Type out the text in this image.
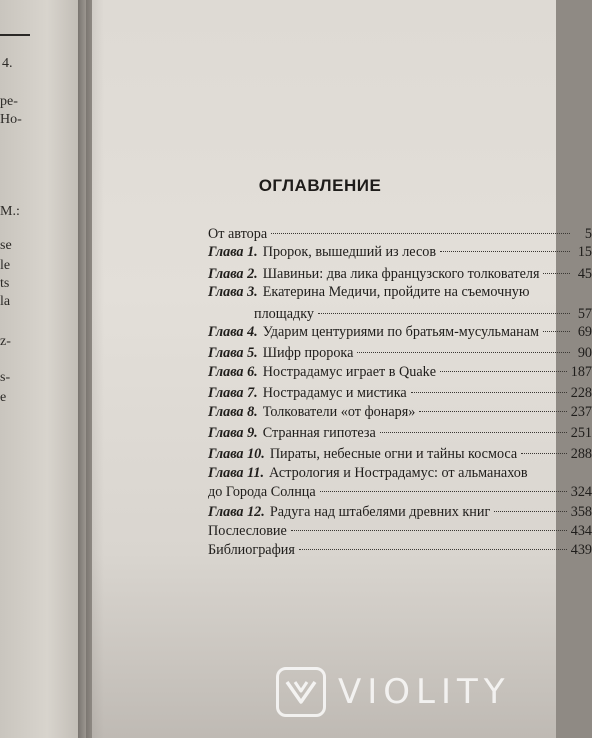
4.
ре-
Но-
М.:
se
le
ts
la
z-
s-
e
ОГЛАВЛЕНИЕ
От автора	5
Глава 1. Пророк, вышедший из лесов	15
Глава 2. Шавиньи: два лика французского толкователя	45
Глава 3. Екатерина Медичи, пройдите на съемочную
площадку	57
Глава 4. Ударим центуриями по братьям-мусульманам	69
Глава 5. Шифр пророка	90
Глава 6. Нострадамус играет в Quake	187
Глава 7. Нострадамус и мистика	228
Глава 8. Толкователи «от фонаря»	237
Глава 9. Странная гипотеза	251
Глава 10. Пираты, небесные огни и тайны космоса	288
Глава 11. Астрология и Нострадамус: от альманахов
до Города Солнца	324
Глава 12. Радуга над штабелями древних книг	358
Послесловие	434
Библиография	439
VIOLITY
